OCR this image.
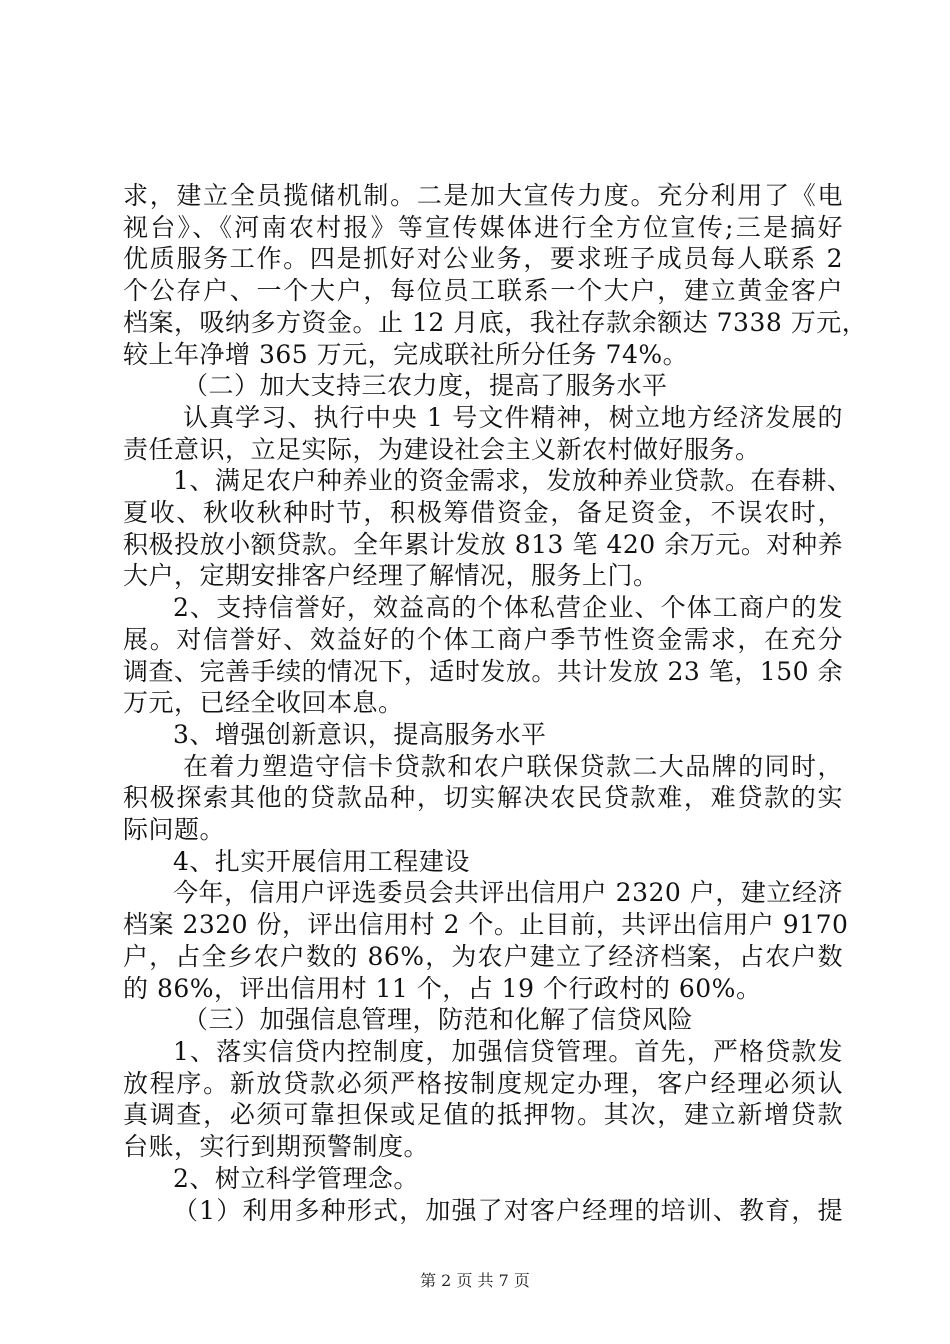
求，建立全员揽储机制。二是加大宣传力度。充分利用了《电
视台》、《河南农村报》等宣传媒体进行全方位宣传;三是搞好
优质服务工作。四是抓好对公业务，要求班子成员每人联系 2
个公存户、一个大户，每位员工联系一个大户，建立黄金客户
档案，吸纳多方资金。止 12 月底，我社存款余额达 7338 万元，
较上年净增 365 万元，完成联社所分任务 74%。
（二）加大支持三农力度，提高了服务水平
认真学习、执行中央 1 号文件精神，树立地方经济发展的
责任意识，立足实际，为建设社会主义新农村做好服务。
1、满足农户种养业的资金需求，发放种养业贷款。在春耕、
夏收、秋收秋种时节，积极筹借资金，备足资金，不误农时，
积极投放小额贷款。全年累计发放 813 笔 420 余万元。对种养
大户，定期安排客户经理了解情况，服务上门。
2、支持信誉好，效益高的个体私营企业、个体工商户的发
展。对信誉好、效益好的个体工商户季节性资金需求，在充分
调查、完善手续的情况下，适时发放。共计发放 23 笔，150 余
万元，已经全收回本息。
3、增强创新意识，提高服务水平
在着力塑造守信卡贷款和农户联保贷款二大品牌的同时，
积极探索其他的贷款品种，切实解决农民贷款难，难贷款的实
际问题。
4、扎实开展信用工程建设
今年，信用户评选委员会共评出信用户 2320 户，建立经济
档案 2320 份，评出信用村 2 个。止目前，共评出信用户 9170
户，占全乡农户数的 86%，为农户建立了经济档案，占农户数
的 86%，评出信用村 11 个，占 19 个行政村的 60%。
（三）加强信息管理，防范和化解了信贷风险
1、落实信贷内控制度，加强信贷管理。首先，严格贷款发
放程序。新放贷款必须严格按制度规定办理，客户经理必须认
真调查，必须可靠担保或足值的抵押物。其次，建立新增贷款
台账，实行到期预警制度。
2、树立科学管理念。
（1）利用多种形式，加强了对客户经理的培训、教育，提
第 2 页 共 7 页
